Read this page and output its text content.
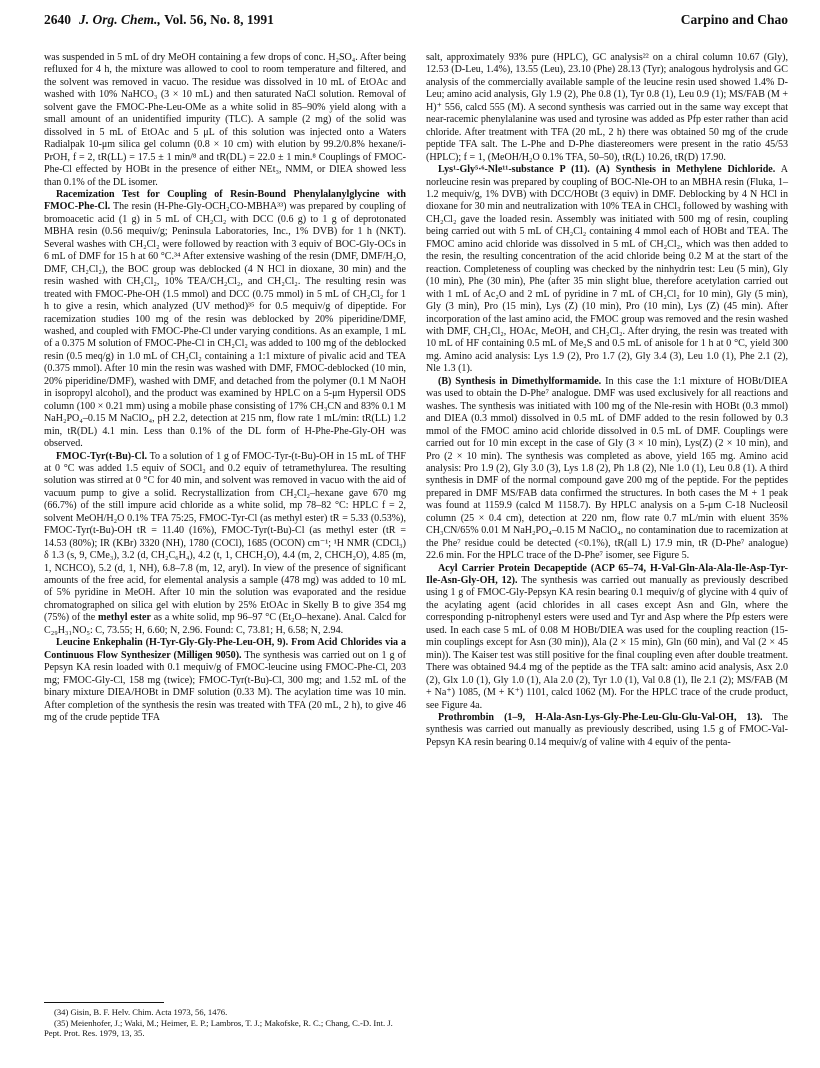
2640 J. Org. Chem., Vol. 56, No. 8, 1991	Carpino and Chao

was suspended in 5 mL of dry MeOH containing a few drops of conc. H₂SO₄. After being refluxed for 4 h, the mixture was allowed to cool to room temperature and filtered, and the solvent was removed in vacuo. The residue was dissolved in 10 mL of EtOAc and washed with 10% NaHCO₃ (3 × 10 mL) and then saturated NaCl solution. Removal of solvent gave the FMOC-Phe-Leu-OMe as a white solid in 85–90% yield along with a small amount of an unidentified impurity (TLC). A sample (2 mg) of the solid was dissolved in 5 mL of EtOAc and 5 μL of this solution was injected onto a Waters Radialpak 10-μm silica gel column (0.8 × 10 cm) with elution by 99.2/0.8% hexane/i-PrOH, f = 2, tR(LL) = 17.5 ± 1 min/⁸ and tR(DL) = 22.0 ± 1 min.⁸ Couplings of FMOC-Phe-Cl effected by HOBt in the presence of either NEt₃, NMM, or DIEA showed less than 0.1% of the DL isomer.

Racemization Test for Coupling of Resin-Bound Phenylalanylglycine with FMOC-Phe-Cl. The resin (H-Phe-Gly-OCH₂CO-MBHA³³) was prepared by coupling of bromoacetic acid (1 g) in 5 mL of CH₂Cl₂ with DCC (0.6 g) to 1 g of deprotonated MBHA resin (0.56 mequiv/g; Peninsula Laboratories, Inc., 1% DVB) for 1 h (NKT). Several washes with CH₂Cl₂ were followed by reaction with 3 equiv of BOC-Gly-OCs in 6 mL of DMF for 15 h at 60 °C.³⁴ After extensive washing of the resin (DMF, DMF/H₂O, DMF, CH₂Cl₂), the BOC group was deblocked (4 N HCl in dioxane, 30 min) and the resin washed with CH₂Cl₂, 10% TEA/CH₂Cl₂, and CH₂Cl₂. The resulting resin was treated with FMOC-Phe-OH (1.5 mmol) and DCC (0.75 mmol) in 5 mL of CH₂Cl₂ for 1 h to give a resin, which analyzed (UV method)³⁵ for 0.5 mequiv/g of dipeptide. For racemization studies 100 mg of the resin was deblocked by 20% piperidine/DMF, washed, and coupled with FMOC-Phe-Cl under varying conditions. As an example, 1 mL of a 0.375 M solution of FMOC-Phe-Cl in CH₂Cl₂ was added to 100 mg of the deblocked resin (0.5 meq/g) in 1.0 mL of CH₂Cl₂ containing a 1:1 mixture of pivalic acid and TEA (0.375 mmol). After 10 min the resin was washed with DMF, FMOC-deblocked (10 min, 20% piperidine/DMF), washed with DMF, and detached from the polymer (0.1 M NaOH in isopropyl alcohol), and the product was examined by HPLC on a 5-μm Hypersil ODS column (100 × 0.21 mm) using a mobile phase consisting of 17% CH₃CN and 83% 0.1 M NaH₂PO₄–0.15 M NaClO₄, pH 2.2, detection at 215 nm, flow rate 1 mL/min: tR(LL) 1.2 min, tR(DL) 4.1 min. Less than 0.1% of the DL form of H-Phe-Phe-Gly-OH was observed.

FMOC-Tyr(t-Bu)-Cl. To a solution of 1 g of FMOC-Tyr-(t-Bu)-OH in 15 mL of THF at 0 °C was added 1.5 equiv of SOCl₂ and 0.2 equiv of tetramethylurea. The resulting solution was stirred at 0 °C for 40 min, and solvent was removed in vacuo with the aid of vacuum pump to give a solid. Recrystallization from CH₂Cl₂–hexane gave 670 mg (66.7%) of the still impure acid chloride as a white solid, mp 78–82 °C: HPLC f = 2, solvent MeOH/H₂O 0.1% TFA 75:25, FMOC-Tyr-Cl (as methyl ester) tR = 5.33 (0.53%), FMOC-Tyr(t-Bu)-OH tR = 11.40 (16%), FMOC-Tyr(t-Bu)-Cl (as methyl ester (tR = 14.53 (80%); IR (KBr) 3320 (NH), 1780 (COCl), 1685 (OCON) cm⁻¹; ¹H NMR (CDCl₃) δ 1.3 (s, 9, CMe₃), 3.2 (d, CH₂C₆H₄), 4.2 (t, 1, CHCH₂O), 4.4 (m, 2, CHCH₂O), 4.85 (m, 1, NCHCO), 5.2 (d, 1, NH), 6.8–7.8 (m, 12, aryl). In view of the presence of significant amounts of the free acid, for elemental analysis a sample (478 mg) was added to 10 mL of 5% pyridine in MeOH. After 10 min the solution was evaporated and the residue chromatographed on silica gel with elution by 25% EtOAc in Skelly B to give 354 mg (75%) of the methyl ester as a white solid, mp 96–97 °C (Et₂O–hexane). Anal. Calcd for C₂₉H₃₁NO₅: C, 73.55; H, 6.60; N, 2.96. Found: C, 73.81; H, 6.58; N, 2.94.

Leucine Enkephalin (H-Tyr-Gly-Gly-Phe-Leu-OH, 9). From Acid Chlorides via a Continuous Flow Synthesizer (Milligen 9050). The synthesis was carried out on 1 g of Pepsyn KA resin loaded with 0.1 mequiv/g of FMOC-leucine using FMOC-Phe-Cl, 203 mg; FMOC-Gly-Cl, 158 mg (twice); FMOC-Tyr(t-Bu)-Cl, 300 mg; and 1.52 mL of the binary mixture DIEA/HOBt in DMF solution (0.33 M). The acylation time was 10 min. After completion of the synthesis the resin was treated with TFA (20 mL, 2 h), to give 46 mg of the crude peptide TFA

(34) Gisin, B. F. Helv. Chim. Acta 1973, 56, 1476.
(35) Meienhofer, J.; Waki, M.; Heimer, E. P.; Lambros, T. J.; Makofske, R. C.; Chang, C.-D. Int. J. Pept. Prot. Res. 1979, 13, 35.

salt, approximately 93% pure (HPLC), GC analysis²² on a chiral column 10.67 (Gly), 12.53 (D-Leu, 1.4%), 13.55 (Leu), 23.10 (Phe) 28.13 (Tyr); analogous hydrolysis and GC analysis of the commercially available sample of the leucine resin used showed 1.4% D-Leu; amino acid analysis, Gly 1.9 (2), Phe 0.8 (1), Tyr 0.8 (1), Leu 0.9 (1); MS/FAB (M + H)⁺ 556, calcd 555 (M). A second synthesis was carried out in the same way except that near-racemic phenylalanine was used and tyrosine was added as Pfp ester rather than acid chloride. After treatment with TFA (20 mL, 2 h) there was obtained 50 mg of the crude peptide TFA salt. The L-Phe and D-Phe diastereomers were present in the ratio 45/53 (HPLC); f = 1, (MeOH/H₂O 0.1% TFA, 50–50), tR(L) 10.26, tR(D) 17.90.

Lys¹-Gly⁵·⁶-Nle¹¹-substance P (11). (A) Synthesis in Methylene Dichloride. A norleucine resin was prepared by coupling of BOC-Nle-OH to an MBHA resin (Fluka, 1–1.2 mequiv/g, 1% DVB) with DCC/HOBt (3 equiv) in DMF. Deblocking by 4 N HCl in dioxane for 30 min and neutralization with 10% TEA in CHCl₃ followed by washing with CH₂Cl₂ gave the loaded resin. Assembly was initiated with 500 mg of resin, coupling being carried out with 5 mL of CH₂Cl₂ containing 4 mmol each of HOBt and TEA. The FMOC amino acid chloride was dissolved in 5 mL of CH₂Cl₂, which was then added to the resin, the resulting concentration of the acid chloride being 0.2 M at the start of the reaction. Completeness of coupling was checked by the ninhydrin test: Leu (5 min), Gly (10 min), Phe (30 min), Phe (after 35 min slight blue, therefore acetylation carried out with 1 mL of Ac₂O and 2 mL of pyridine in 7 mL of CH₂Cl₂ for 10 min), Gly (5 min), Gly (3 min), Pro (15 min), Lys (Z) (10 min), Pro (10 min), Lys (Z) (45 min). After incorporation of the last amino acid, the FMOC group was removed and the resin washed with DMF, CH₂Cl₂, HOAc, MeOH, and CH₂Cl₂. After drying, the resin was treated with 10 mL of HF containing 0.5 mL of Me₂S and 0.5 mL of anisole for 1 h at 0 °C, yield 300 mg. Amino acid analysis: Lys 1.9 (2), Pro 1.7 (2), Gly 3.4 (3), Leu 1.0 (1), Phe 2.1 (2), Nle 1.3 (1).

(B) Synthesis in Dimethylformamide. In this case the 1:1 mixture of HOBt/DIEA was used to obtain the D-Phe⁷ analogue. DMF was used exclusively for all reactions and washes. The synthesis was initiated with 100 mg of the Nle-resin with HOBt (0.3 mmol) and DIEA (0.3 mmol) dissolved in 0.5 mL of DMF added to the resin followed by 0.3 mmol of the FMOC amino acid chloride dissolved in 0.5 mL of DMF. Couplings were carried out for 10 min except in the case of Gly (3 × 10 min), Lys(Z) (2 × 10 min), and Pro (2 × 10 min). The synthesis was completed as above, yield 165 mg. Amino acid analysis: Pro 1.9 (2), Gly 3.0 (3), Lys 1.8 (2), Ph 1.8 (2), Nle 1.0 (1), Leu 0.8 (1). A third synthesis in DMF of the normal compound gave 200 mg of the peptide. For the peptides prepared in DMF MS/FAB data confirmed the structures. In both cases the M + 1 peak was found at 1159.9 (calcd M 1158.7). By HPLC analysis on a 5-μm C-18 Nucleosil column (25 × 0.4 cm), detection at 220 nm, flow rate 0.7 mL/min with eluent 35% CH₃CN/65% 0.01 M NaH₂PO₄–0.15 M NaClO₄, no contamination due to racemization at the Phe⁷ residue could be detected (<0.1%), tR(all L) 17.9 min, tR (D-Phe⁷ analogue) 22.6 min. For the HPLC trace of the D-Phe⁷ isomer, see Figure 5.

Acyl Carrier Protein Decapeptide (ACP 65–74, H-Val-Gln-Ala-Ala-Ile-Asp-Tyr-Ile-Asn-Gly-OH, 12). The synthesis was carried out manually as previously described using 1 g of FMOC-Gly-Pepsyn KA resin bearing 0.1 mequiv/g of glycine with 4 quiv of the acylating agent (acid chlorides in all cases except Asn and Gln, where the corresponding p-nitrophenyl esters were used and Tyr and Asp where the Pfp esters were used. In each case 5 mL of 0.08 M HOBt/DIEA was used for the coupling reaction (15-min couplings except for Asn (30 min)), Ala (2 × 15 min), Gln (60 min), and Val (2 × 45 min)). The Kaiser test was still positive for the final coupling even after double treatment. There was obtained 94.4 mg of the peptide as the TFA salt: amino acid analysis, Asx 2.0 (2), Glx 1.0 (1), Gly 1.0 (1), Ala 2.0 (2), Tyr 1.0 (1), Val 0.8 (1), Ile 2.1 (2); MS/FAB (M + Na⁺) 1085, (M + K⁺) 1101, calcd 1062 (M). For the HPLC trace of the crude product, see Figure 4a.

Prothrombin (1–9, H-Ala-Asn-Lys-Gly-Phe-Leu-Glu-Glu-Val-OH, 13). The synthesis was carried out manually as previously described, using 1.5 g of FMOC-Val-Pepsyn KA resin bearing 0.14 mequiv/g of valine with 4 equiv of the penta-
